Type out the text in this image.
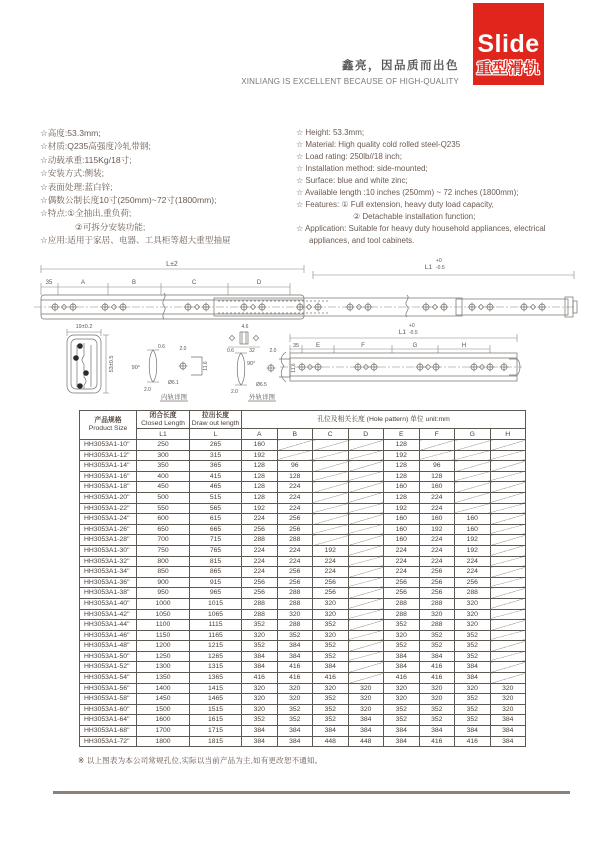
Slide
重型滑轨
鑫亮，因品质而出色
XINLIANG IS EXCELLENT BECAUSE OF HIGH-QUALITY
☆高度:53.3mm;
☆材质:Q235高强度冷轧带钢;
☆动载承重:115Kg/18寸;
☆安装方式:侧装;
☆表面处理:蓝白锌;
☆偶数公制长度10寸(250mm)~72寸(1800mm);
☆特点:①全抽出,重负荷;
②可拆分安装功能;
☆应用:适用于家居、电器、工具柜等超大重型抽屉
☆ Height: 53.3mm;
☆ Material: High quality cold rolled steel-Q235
☆ Load rating: 250lb//18 inch;
☆ Installation method: side-mounted;
☆ Surface: blue and white zinc;
☆ Available length :10 inches (250mm) ~ 72 inches (1800mm);
☆ Features: ① Full extension, heavy duty load capacity,
② Detachable installation function;
☆ Application: Suitable for heavy duty household appliances, electrical
appliances, and tool cabinets.
L±2	L1
+0
-0.5
35	A	B	C	D
19±0.2
53±0.5	90°
0.6
2.0
2.0
Ø6.1
11.6
内轨详图
4.6
32
0.6
90°
2.0
2.0
Ø6.5
11.6
外轨详图
+0
L1 -0.5
35	E	F	G	H
产品规格
Product Size	闭合长度
Closed Length	拉出长度
Draw out length	孔位及相关长度 (Hole pattern) 单位 unit:mm							
	L1	L	A	B	C	D	E	F	G	H
HH3053A1-10"	250	265	160				128			
HH3053A1-12"	300	315	192				192			
HH3053A1-14"	350	365	128	96			128	96		
HH3053A1-16"	400	415	128	128			128	128		
HH3053A1-18"	450	465	128	224			160	160		
HH3053A1-20"	500	515	128	224			128	224		
HH3053A1-22"	550	565	192	224			192	224		
HH3053A1-24"	600	615	224	256			160	160	160	
HH3053A1-26"	650	665	256	256			160	192	160	
HH3053A1-28"	700	715	288	288			160	224	192	
HH3053A1-30"	750	765	224	224	192		224	224	192	
HH3053A1-32"	800	815	224	224	224		224	224	224	
HH3053A1-34"	850	865	224	256	224		224	256	224	
HH3053A1-36"	900	915	256	256	256		256	256	256	
HH3053A1-38"	950	965	256	288	256		256	256	288	
HH3053A1-40"	1000	1015	288	288	320		288	288	320	
HH3053A1-42"	1050	1065	288	320	320		288	320	320	
HH3053A1-44"	1100	1115	352	288	352		352	288	320	
HH3053A1-46"	1150	1165	320	352	320		320	352	352	
HH3053A1-48"	1200	1215	352	384	352		352	352	352	
HH3053A1-50"	1250	1265	384	384	352		384	384	352	
HH3053A1-52"	1300	1315	384	416	384		384	416	384	
HH3053A1-54"	1350	1365	416	416	416		416	416	384	
HH3053A1-56"	1400	1415	320	320	320	320	320	320	320	320
HH3053A1-58"	1450	1465	320	320	352	320	320	320	352	320
HH3053A1-60"	1500	1515	320	352	352	320	352	352	352	320
HH3053A1-64"	1600	1615	352	352	352	384	352	352	352	384
HH3053A1-68"	1700	1715	384	384	384	384	384	384	384	384
HH3053A1-72"	1800	1815	384	384	448	448	384	416	416	384
※ 以上图表为本公司常规孔位,实际以当前产品为主,如有更改恕不通知。
